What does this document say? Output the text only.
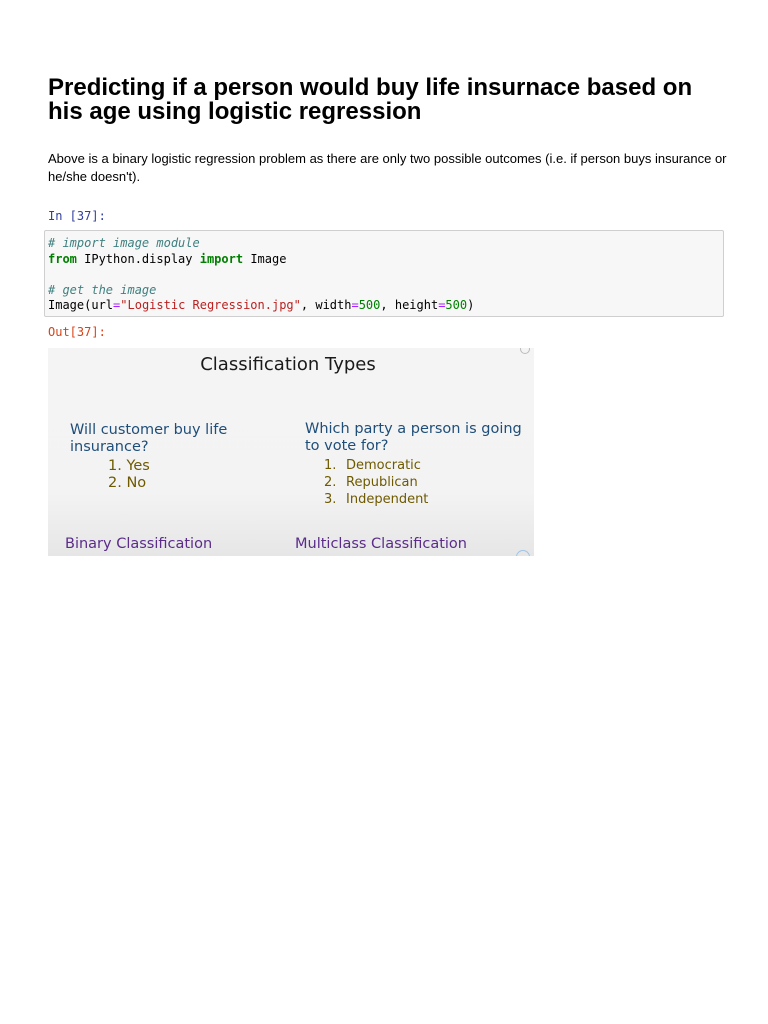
Predicting if a person would buy life insurnace based on his age using logistic regression

Above is a binary logistic regression problem as there are only two possible outcomes (i.e. if person buys insurance or he/she doesn't).

In [37]:
# import image module
from IPython.display import Image

# get the image
Image(url="Logistic Regression.jpg", width=500, height=500)
Out[37]:
Classification Types
Will customer buy life insurance?
1. Yes
2. No
Which party a person is going to vote for?
1. Democratic
2. Republican
3. Independent
Binary Classification	Multiclass Classification
